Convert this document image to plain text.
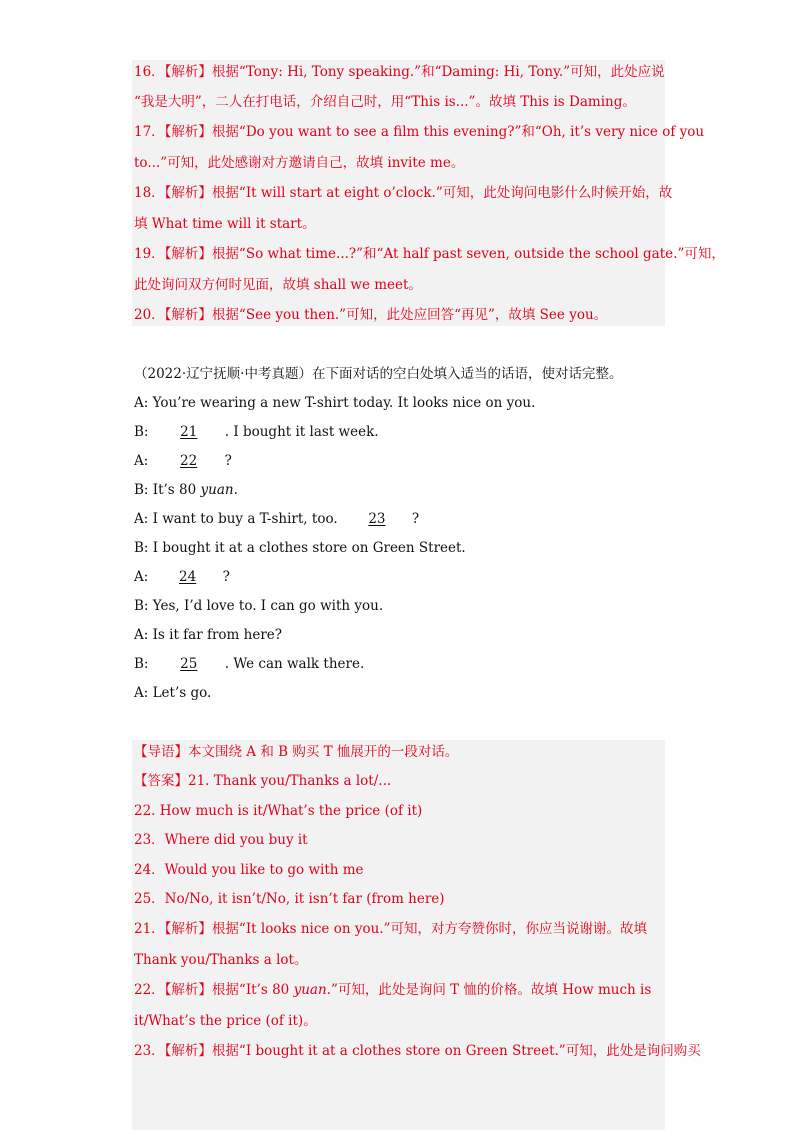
16．【解析】根据“Tony: Hi, Tony speaking.”和“Daming: Hi, Tony.”可知，此处应说
“我是大明”，二人在打电话，介绍自己时，用“This is...”。故填 This is Daming。
17．【解析】根据“Do you want to see a film this evening?”和“Oh, it’s very nice of you
to...”可知，此处感谢对方邀请自己，故填 invite me。
18．【解析】根据“It will start at eight o’clock.”可知，此处询问电影什么时候开始，故
填 What time will it start。
19．【解析】根据“So what time...?”和“At half past seven, outside the school gate.”可知，
此处询问双方何时见面，故填 shall we meet。
20．【解析】根据“See you then.”可知，此处应回答“再见”，故填 See you。
（2022·辽宁抚顺·中考真题）在下面对话的空白处填入适当的话语，使对话完整。
A: You’re wearing a new T-shirt today. It looks nice on you.
B: 21 . I bought it last week.
A: 22 ?
B: It’s 80 yuan.
A: I want to buy a T-shirt, too. 23 ?
B: I bought it at a clothes store on Green Street.
A: 24 ?
B: Yes, I’d love to. I can go with you.
A: Is it far from here?
B: 25 . We can walk there.
A: Let’s go.
【导语】本文围绕 A 和 B 购买 T 恤展开的一段对话。
【答案】21. Thank you/Thanks a lot/...
22. How much is it/What’s the price (of it)
23．Where did you buy it
24．Would you like to go with me
25．No/No, it isn’t/No, it isn’t far (from here)
21．【解析】根据“It looks nice on you.”可知，对方夸赞你时，你应当说谢谢。故填
Thank you/Thanks a lot。
22．【解析】根据“It’s 80 yuan.”可知，此处是询问 T 恤的价格。故填 How much is
it/What’s the price (of it)。
23．【解析】根据“I bought it at a clothes store on Green Street.”可知，此处是询问购买
